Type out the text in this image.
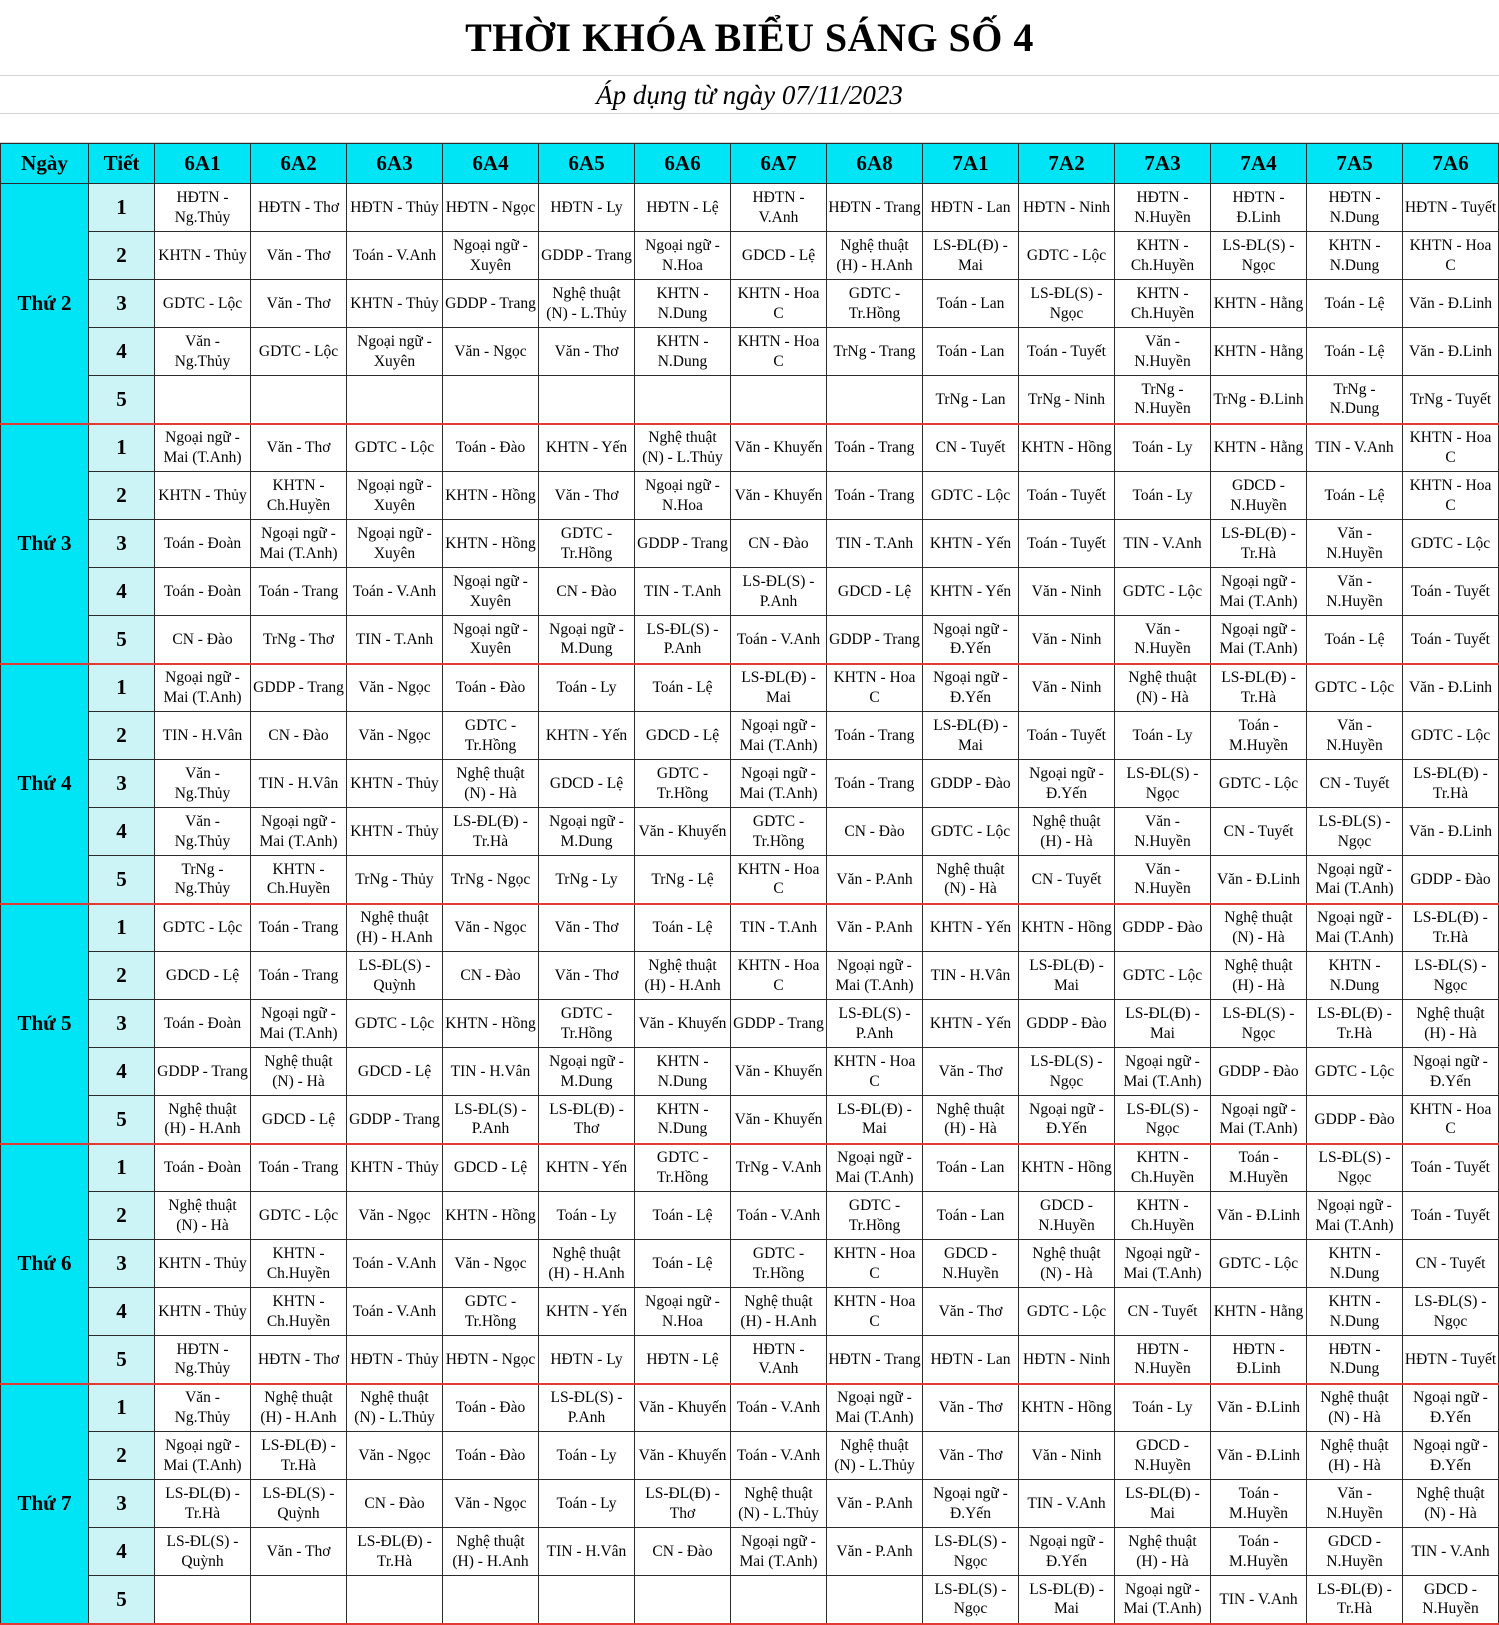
THỜI KHÓA BIỂU SÁNG SỐ 4
Áp dụng từ ngày 07/11/2023
Ngày	Tiết	6A1	6A2	6A3	6A4	6A5	6A6	6A7	6A8	7A1	7A2	7A3	7A4	7A5	7A6
Thứ 2	1	HĐTN - Ng.Thủy	HĐTN - Thơ	HĐTN - Thủy	HĐTN - Ngọc	HĐTN - Ly	HĐTN - Lệ	HĐTN - V.Anh	HĐTN - Trang	HĐTN - Lan	HĐTN - Ninh	HĐTN - N.Huyền	HĐTN - Đ.Linh	HĐTN - N.Dung	HĐTN - Tuyết
	2	KHTN - Thủy	Văn - Thơ	Toán - V.Anh	Ngoại ngữ - Xuyên	GDDP - Trang	Ngoại ngữ - N.Hoa	GDCD - Lệ	Nghệ thuật (H) - H.Anh	LS-ĐL(Đ) - Mai	GDTC - Lộc	KHTN - Ch.Huyền	LS-ĐL(S) - Ngọc	KHTN - N.Dung	KHTN - Hoa C
	3	GDTC - Lộc	Văn - Thơ	KHTN - Thủy	GDDP - Trang	Nghệ thuật (N) - L.Thủy	KHTN - N.Dung	KHTN - Hoa C	GDTC - Tr.Hồng	Toán - Lan	LS-ĐL(S) - Ngọc	KHTN - Ch.Huyền	KHTN - Hằng	Toán - Lệ	Văn - Đ.Linh
	4	Văn - Ng.Thủy	GDTC - Lộc	Ngoại ngữ - Xuyên	Văn - Ngọc	Văn - Thơ	KHTN - N.Dung	KHTN - Hoa C	TrNg - Trang	Toán - Lan	Toán - Tuyết	Văn - N.Huyền	KHTN - Hằng	Toán - Lệ	Văn - Đ.Linh
	5									TrNg - Lan	TrNg - Ninh	TrNg - N.Huyền	TrNg - Đ.Linh	TrNg - N.Dung	TrNg - Tuyết
Thứ 3	1	Ngoại ngữ - Mai (T.Anh)	Văn - Thơ	GDTC - Lộc	Toán - Đào	KHTN - Yến	Nghệ thuật (N) - L.Thủy	Văn - Khuyến	Toán - Trang	CN - Tuyết	KHTN - Hồng	Toán - Ly	KHTN - Hằng	TIN - V.Anh	KHTN - Hoa C
	2	KHTN - Thủy	KHTN - Ch.Huyền	Ngoại ngữ - Xuyên	KHTN - Hồng	Văn - Thơ	Ngoại ngữ - N.Hoa	Văn - Khuyến	Toán - Trang	GDTC - Lộc	Toán - Tuyết	Toán - Ly	GDCD - N.Huyền	Toán - Lệ	KHTN - Hoa C
	3	Toán - Đoàn	Ngoại ngữ - Mai (T.Anh)	Ngoại ngữ - Xuyên	KHTN - Hồng	GDTC - Tr.Hồng	GDDP - Trang	CN - Đào	TIN - T.Anh	KHTN - Yến	Toán - Tuyết	TIN - V.Anh	LS-ĐL(Đ) - Tr.Hà	Văn - N.Huyền	GDTC - Lộc
	4	Toán - Đoàn	Toán - Trang	Toán - V.Anh	Ngoại ngữ - Xuyên	CN - Đào	TIN - T.Anh	LS-ĐL(S) - P.Anh	GDCD - Lệ	KHTN - Yến	Văn - Ninh	GDTC - Lộc	Ngoại ngữ - Mai (T.Anh)	Văn - N.Huyền	Toán - Tuyết
	5	CN - Đào	TrNg - Thơ	TIN - T.Anh	Ngoại ngữ - Xuyên	Ngoại ngữ - M.Dung	LS-ĐL(S) - P.Anh	Toán - V.Anh	GDDP - Trang	Ngoại ngữ - Đ.Yến	Văn - Ninh	Văn - N.Huyền	Ngoại ngữ - Mai (T.Anh)	Toán - Lệ	Toán - Tuyết
Thứ 4	1	Ngoại ngữ - Mai (T.Anh)	GDDP - Trang	Văn - Ngọc	Toán - Đào	Toán - Ly	Toán - Lệ	LS-ĐL(Đ) - Mai	KHTN - Hoa C	Ngoại ngữ - Đ.Yến	Văn - Ninh	Nghệ thuật (N) - Hà	LS-ĐL(Đ) - Tr.Hà	GDTC - Lộc	Văn - Đ.Linh
	2	TIN - H.Vân	CN - Đào	Văn - Ngọc	GDTC - Tr.Hồng	KHTN - Yến	GDCD - Lệ	Ngoại ngữ - Mai (T.Anh)	Toán - Trang	LS-ĐL(Đ) - Mai	Toán - Tuyết	Toán - Ly	Toán - M.Huyền	Văn - N.Huyền	GDTC - Lộc
	3	Văn - Ng.Thủy	TIN - H.Vân	KHTN - Thủy	Nghệ thuật (N) - Hà	GDCD - Lệ	GDTC - Tr.Hồng	Ngoại ngữ - Mai (T.Anh)	Toán - Trang	GDDP - Đào	Ngoại ngữ - Đ.Yến	LS-ĐL(S) - Ngọc	GDTC - Lộc	CN - Tuyết	LS-ĐL(Đ) - Tr.Hà
	4	Văn - Ng.Thủy	Ngoại ngữ - Mai (T.Anh)	KHTN - Thủy	LS-ĐL(Đ) - Tr.Hà	Ngoại ngữ - M.Dung	Văn - Khuyến	GDTC - Tr.Hồng	CN - Đào	GDTC - Lộc	Nghệ thuật (H) - Hà	Văn - N.Huyền	CN - Tuyết	LS-ĐL(S) - Ngọc	Văn - Đ.Linh
	5	TrNg - Ng.Thủy	KHTN - Ch.Huyền	TrNg - Thủy	TrNg - Ngọc	TrNg - Ly	TrNg - Lệ	KHTN - Hoa C	Văn - P.Anh	Nghệ thuật (N) - Hà	CN - Tuyết	Văn - N.Huyền	Văn - Đ.Linh	Ngoại ngữ - Mai (T.Anh)	GDDP - Đào
Thứ 5	1	GDTC - Lộc	Toán - Trang	Nghệ thuật (H) - H.Anh	Văn - Ngọc	Văn - Thơ	Toán - Lệ	TIN - T.Anh	Văn - P.Anh	KHTN - Yến	KHTN - Hồng	GDDP - Đào	Nghệ thuật (N) - Hà	Ngoại ngữ - Mai (T.Anh)	LS-ĐL(Đ) - Tr.Hà
	2	GDCD - Lệ	Toán - Trang	LS-ĐL(S) - Quỳnh	CN - Đào	Văn - Thơ	Nghệ thuật (H) - H.Anh	KHTN - Hoa C	Ngoại ngữ - Mai (T.Anh)	TIN - H.Vân	LS-ĐL(Đ) - Mai	GDTC - Lộc	Nghệ thuật (H) - Hà	KHTN - N.Dung	LS-ĐL(S) - Ngọc
	3	Toán - Đoàn	Ngoại ngữ - Mai (T.Anh)	GDTC - Lộc	KHTN - Hồng	GDTC - Tr.Hồng	Văn - Khuyến	GDDP - Trang	LS-ĐL(S) - P.Anh	KHTN - Yến	GDDP - Đào	LS-ĐL(Đ) - Mai	LS-ĐL(S) - Ngọc	LS-ĐL(Đ) - Tr.Hà	Nghệ thuật (H) - Hà
	4	GDDP - Trang	Nghệ thuật (N) - Hà	GDCD - Lệ	TIN - H.Vân	Ngoại ngữ - M.Dung	KHTN - N.Dung	Văn - Khuyến	KHTN - Hoa C	Văn - Thơ	LS-ĐL(S) - Ngọc	Ngoại ngữ - Mai (T.Anh)	GDDP - Đào	GDTC - Lộc	Ngoại ngữ - Đ.Yến
	5	Nghệ thuật (H) - H.Anh	GDCD - Lệ	GDDP - Trang	LS-ĐL(S) - P.Anh	LS-ĐL(Đ) - Thơ	KHTN - N.Dung	Văn - Khuyến	LS-ĐL(Đ) - Mai	Nghệ thuật (H) - Hà	Ngoại ngữ - Đ.Yến	LS-ĐL(S) - Ngọc	Ngoại ngữ - Mai (T.Anh)	GDDP - Đào	KHTN - Hoa C
Thứ 6	1	Toán - Đoàn	Toán - Trang	KHTN - Thủy	GDCD - Lệ	KHTN - Yến	GDTC - Tr.Hồng	TrNg - V.Anh	Ngoại ngữ - Mai (T.Anh)	Toán - Lan	KHTN - Hồng	KHTN - Ch.Huyền	Toán - M.Huyền	LS-ĐL(S) - Ngọc	Toán - Tuyết
	2	Nghệ thuật (N) - Hà	GDTC - Lộc	Văn - Ngọc	KHTN - Hồng	Toán - Ly	Toán - Lệ	Toán - V.Anh	GDTC - Tr.Hồng	Toán - Lan	GDCD - N.Huyền	KHTN - Ch.Huyền	Văn - Đ.Linh	Ngoại ngữ - Mai (T.Anh)	Toán - Tuyết
	3	KHTN - Thủy	KHTN - Ch.Huyền	Toán - V.Anh	Văn - Ngọc	Nghệ thuật (H) - H.Anh	Toán - Lệ	GDTC - Tr.Hồng	KHTN - Hoa C	GDCD - N.Huyền	Nghệ thuật (N) - Hà	Ngoại ngữ - Mai (T.Anh)	GDTC - Lộc	KHTN - N.Dung	CN - Tuyết
	4	KHTN - Thủy	KHTN - Ch.Huyền	Toán - V.Anh	GDTC - Tr.Hồng	KHTN - Yến	Ngoại ngữ - N.Hoa	Nghệ thuật (H) - H.Anh	KHTN - Hoa C	Văn - Thơ	GDTC - Lộc	CN - Tuyết	KHTN - Hằng	KHTN - N.Dung	LS-ĐL(S) - Ngọc
	5	HĐTN - Ng.Thủy	HĐTN - Thơ	HĐTN - Thủy	HĐTN - Ngọc	HĐTN - Ly	HĐTN - Lệ	HĐTN - V.Anh	HĐTN - Trang	HĐTN - Lan	HĐTN - Ninh	HĐTN - N.Huyền	HĐTN - Đ.Linh	HĐTN - N.Dung	HĐTN - Tuyết
Thứ 7	1	Văn - Ng.Thủy	Nghệ thuật (H) - H.Anh	Nghệ thuật (N) - L.Thủy	Toán - Đào	LS-ĐL(S) - P.Anh	Văn - Khuyến	Toán - V.Anh	Ngoại ngữ - Mai (T.Anh)	Văn - Thơ	KHTN - Hồng	Toán - Ly	Văn - Đ.Linh	Nghệ thuật (N) - Hà	Ngoại ngữ - Đ.Yến
	2	Ngoại ngữ - Mai (T.Anh)	LS-ĐL(Đ) - Tr.Hà	Văn - Ngọc	Toán - Đào	Toán - Ly	Văn - Khuyến	Toán - V.Anh	Nghệ thuật (N) - L.Thủy	Văn - Thơ	Văn - Ninh	GDCD - N.Huyền	Văn - Đ.Linh	Nghệ thuật (H) - Hà	Ngoại ngữ - Đ.Yến
	3	LS-ĐL(Đ) - Tr.Hà	LS-ĐL(S) - Quỳnh	CN - Đào	Văn - Ngọc	Toán - Ly	LS-ĐL(Đ) - Thơ	Nghệ thuật (N) - L.Thủy	Văn - P.Anh	Ngoại ngữ - Đ.Yến	TIN - V.Anh	LS-ĐL(Đ) - Mai	Toán - M.Huyền	Văn - N.Huyền	Nghệ thuật (N) - Hà
	4	LS-ĐL(S) - Quỳnh	Văn - Thơ	LS-ĐL(Đ) - Tr.Hà	Nghệ thuật (H) - H.Anh	TIN - H.Vân	CN - Đào	Ngoại ngữ - Mai (T.Anh)	Văn - P.Anh	LS-ĐL(S) - Ngọc	Ngoại ngữ - Đ.Yến	Nghệ thuật (H) - Hà	Toán - M.Huyền	GDCD - N.Huyền	TIN - V.Anh
	5									LS-ĐL(S) - Ngọc	LS-ĐL(Đ) - Mai	Ngoại ngữ - Mai (T.Anh)	TIN - V.Anh	LS-ĐL(Đ) - Tr.Hà	GDCD - N.Huyền
